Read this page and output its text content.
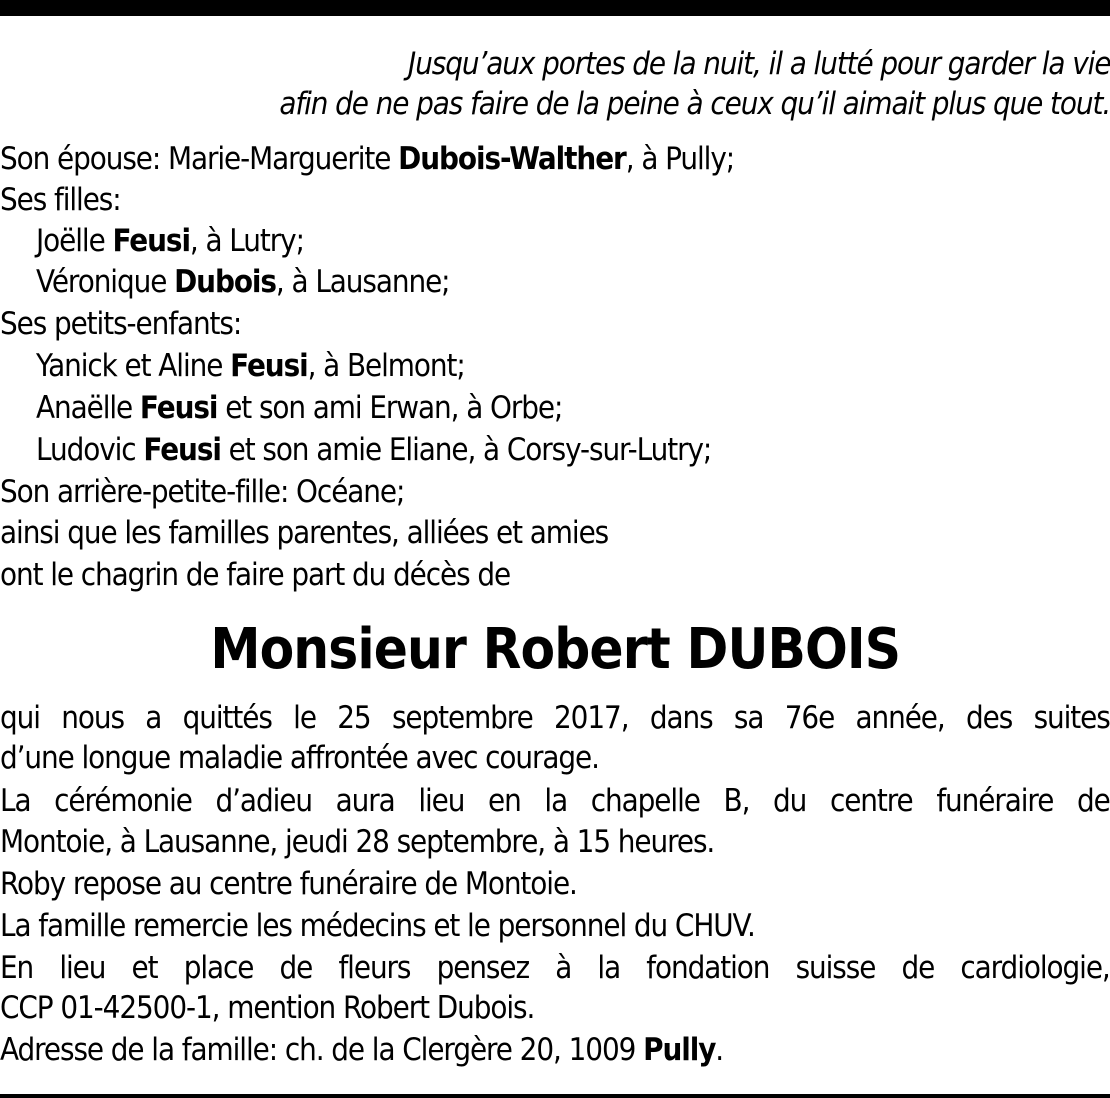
Jusqu’aux portes de la nuit, il a lutté pour garder la vie
afin de ne pas faire de la peine à ceux qu’il aimait plus que tout.
Son épouse: Marie-Marguerite Dubois-Walther, à Pully;
Ses filles:
Joëlle Feusi, à Lutry;
Véronique Dubois, à Lausanne;
Ses petits-enfants:
Yanick et Aline Feusi, à Belmont;
Anaëlle Feusi et son ami Erwan, à Orbe;
Ludovic Feusi et son amie Eliane, à Corsy-sur-Lutry;
Son arrière-petite-fille: Océane;
ainsi que les familles parentes, alliées et amies
ont le chagrin de faire part du décès de
Monsieur Robert DUBOIS
qui nous a quittés le 25 septembre 2017, dans sa 76e année, des suites
d’une longue maladie affrontée avec courage.
La cérémonie d’adieu aura lieu en la chapelle B, du centre funéraire de
Montoie, à Lausanne, jeudi 28 septembre, à 15 heures.
Roby repose au centre funéraire de Montoie.
La famille remercie les médecins et le personnel du CHUV.
En lieu et place de fleurs pensez à la fondation suisse de cardiologie,
CCP 01-42500-1, mention Robert Dubois.
Adresse de la famille: ch. de la Clergère 20, 1009 Pully.
